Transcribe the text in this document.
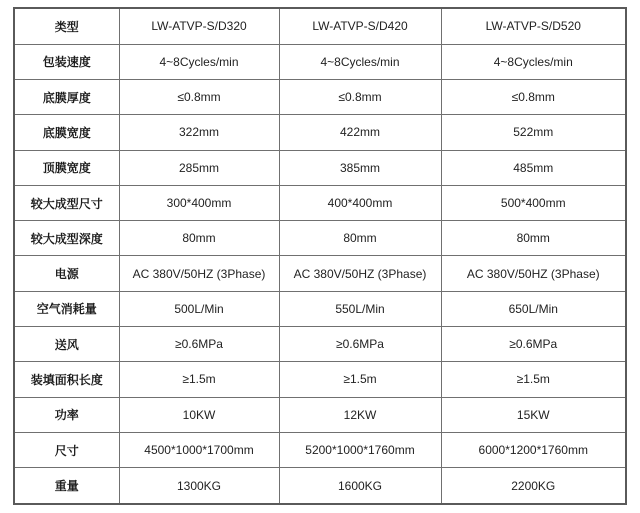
类型	LW-ATVP-S/D320	LW-ATVP-S/D420	LW-ATVP-S/D520
包装速度	4~8Cycles/min	4~8Cycles/min	4~8Cycles/min
底膜厚度	≤0.8mm	≤0.8mm	≤0.8mm
底膜宽度	322mm	422mm	522mm
顶膜宽度	285mm	385mm	485mm
较大成型尺寸	300*400mm	400*400mm	500*400mm
较大成型深度	80mm	80mm	80mm
电源	AC 380V/50HZ (3Phase)	AC 380V/50HZ (3Phase)	AC 380V/50HZ (3Phase)
空气消耗量	500L/Min	550L/Min	650L/Min
送风	≥0.6MPa	≥0.6MPa	≥0.6MPa
装填面积长度	≥1.5m	≥1.5m	≥1.5m
功率	10KW	12KW	15KW
尺寸	4500*1000*1700mm	5200*1000*1760mm	6000*1200*1760mm
重量	1300KG	1600KG	2200KG
